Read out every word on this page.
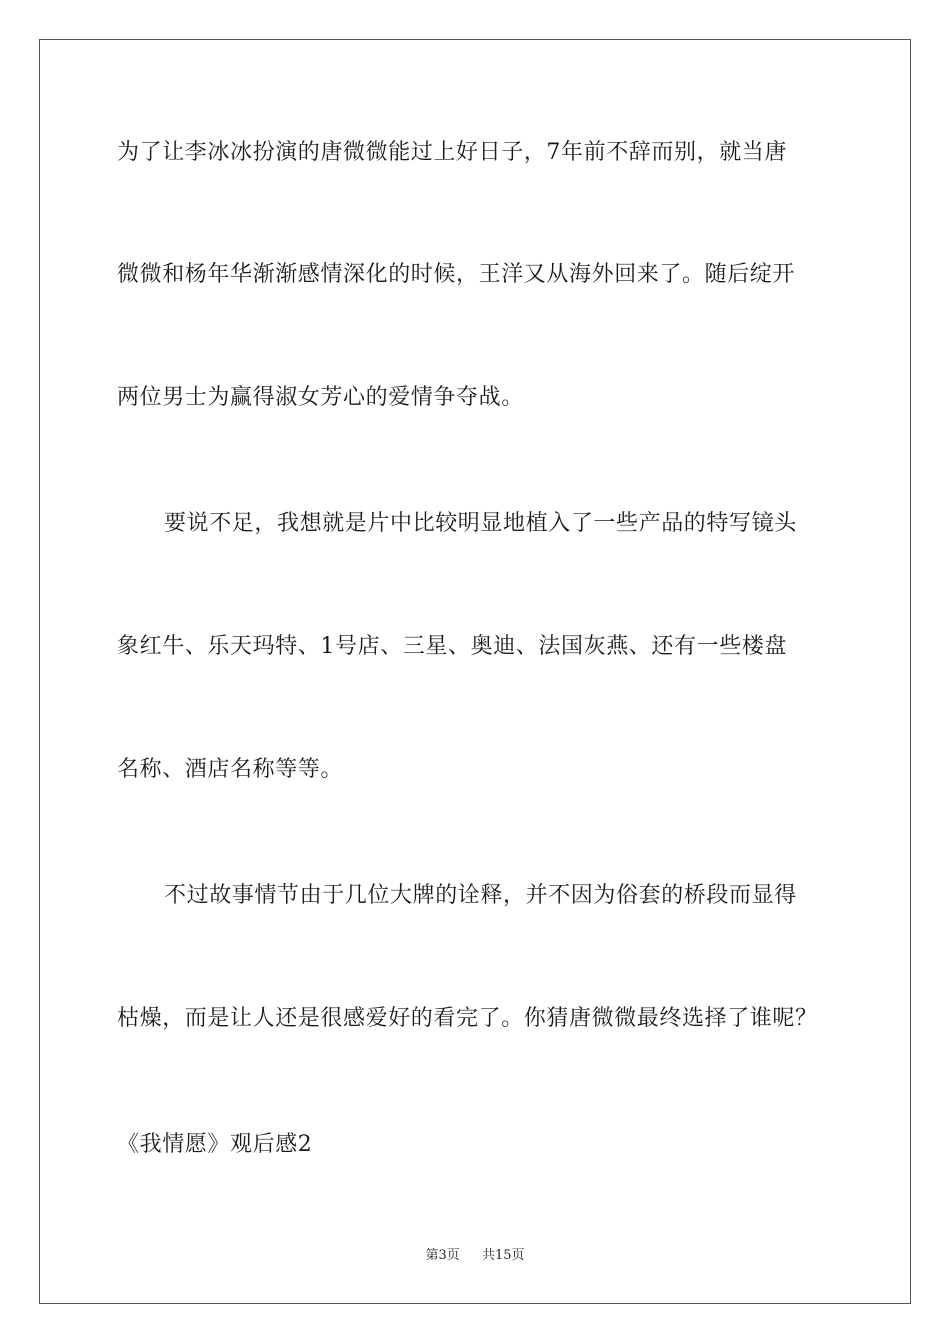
为了让李冰冰扮演的唐微微能过上好日子，7年前不辞而别，就当唐
微微和杨年华渐渐感情深化的时候，王洋又从海外回来了。随后绽开
两位男士为赢得淑女芳心的爱情争夺战。
要说不足，我想就是片中比较明显地植入了一些产品的特写镜头
象红牛、乐天玛特、1号店、三星、奥迪、法国灰燕、还有一些楼盘
名称、酒店名称等等。
不过故事情节由于几位大牌的诠释，并不因为俗套的桥段而显得
枯燥，而是让人还是很感爱好的看完了。你猜唐微微最终选择了谁呢？
《我情愿》观后感2
第3页 共15页
